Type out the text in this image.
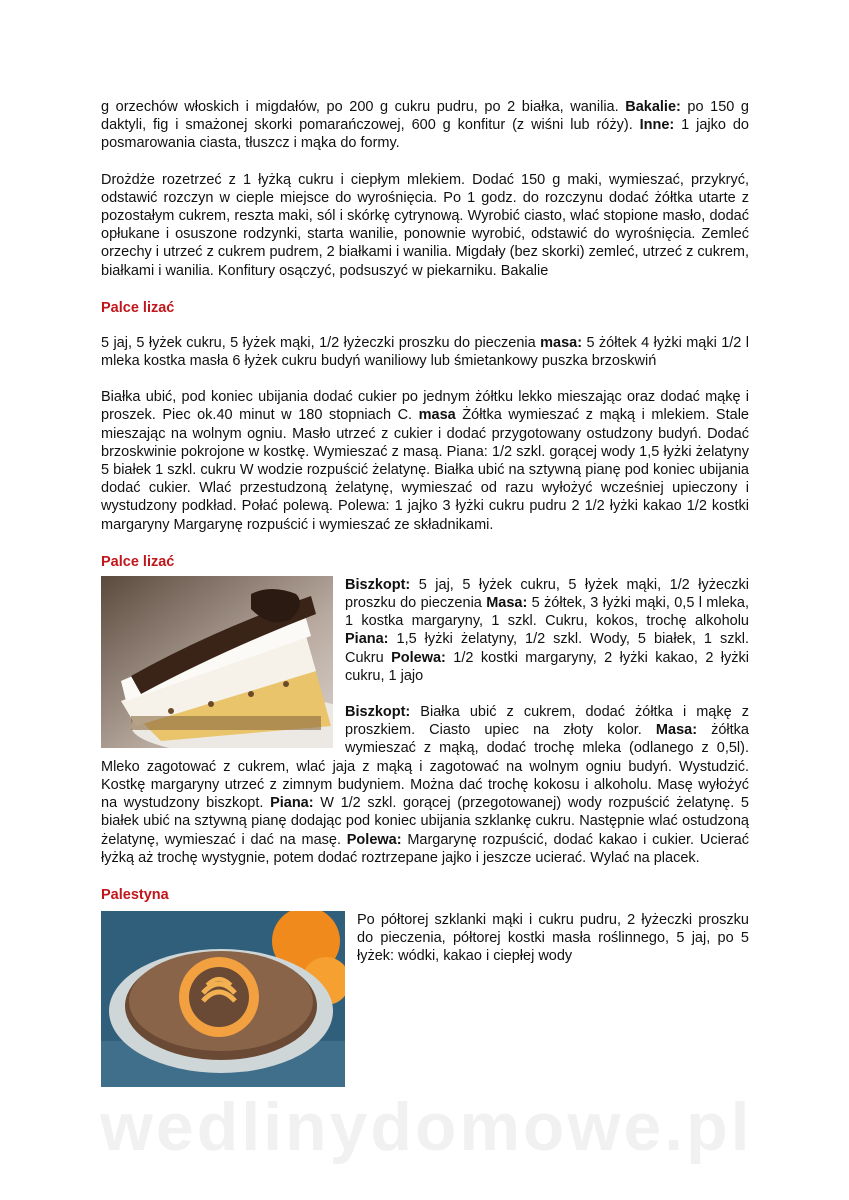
g orzechów włoskich i migdałów, po 200 g cukru pudru, po 2 białka, wanilia. Bakalie: po 150 g daktyli, fig i smażonej skorki pomarańczowej, 600 g konfitur (z wiśni lub róży). Inne: 1 jajko do posmarowania ciasta, tłuszcz i mąka do formy.

Drożdże rozetrzeć z 1 łyżką cukru i ciepłym mlekiem. Dodać 150 g maki, wymieszać, przykryć, odstawić rozczyn w cieple miejsce do wyrośnięcia. Po 1 godz. do rozczynu dodać żółtka utarte z pozostałym cukrem, reszta maki, sól i skórkę cytrynową. Wyrobić ciasto, wlać stopione masło, dodać opłukane i osuszone rodzynki, starta wanilie, ponownie wyrobić, odstawić do wyrośnięcia. Zemleć orzechy i utrzeć z cukrem pudrem, 2 białkami i wanilia. Migdały (bez skorki) zemleć, utrzeć z cukrem, białkami i wanilia. Konfitury osączyć, podsuszyć w piekarniku. Bakalie

Palce lizać

5 jaj, 5 łyżek cukru, 5 łyżek mąki, 1/2 łyżeczki proszku do pieczenia masa: 5 żółtek 4 łyżki mąki 1/2 l mleka kostka masła 6 łyżek cukru budyń waniliowy lub śmietankowy puszka brzoskwiń

Białka ubić, pod koniec ubijania dodać cukier po jednym żółtku lekko mieszając oraz dodać mąkę i proszek. Piec ok.40 minut w 180 stopniach C. masa Żółtka wymieszać z mąką i mlekiem. Stale mieszając na wolnym ogniu. Masło utrzeć z cukier i dodać przygotowany ostudzony budyń. Dodać brzoskwinie pokrojone w kostkę. Wymieszać z masą. Piana: 1/2 szkl. gorącej wody 1,5 łyżki żelatyny 5 białek 1 szkl. cukru W wodzie rozpuścić żelatynę. Białka ubić na sztywną pianę pod koniec ubijania dodać cukier. Wlać przestudzoną żelatynę, wymieszać od razu wyłożyć wcześniej upieczony i wystudzony podkład. Połać polewą. Polewa: 1 jajko 3 łyżki cukru pudru 2 1/2 łyżki kakao 1/2 kostki margaryny Margarynę rozpuścić i wymieszać ze składnikami.

Palce lizać

Biszkopt: 5 jaj, 5 łyżek cukru, 5 łyżek mąki, 1/2 łyżeczki proszku do pieczenia Masa: 5 żółtek, 3 łyżki mąki, 0,5 l mleka, 1 kostka margaryny, 1 szkl. Cukru, kokos, trochę alkoholu Piana: 1,5 łyżki żelatyny, 1/2 szkl. Wody, 5 białek, 1 szkl. Cukru Polewa: 1/2 kostki margaryny, 2 łyżki kakao, 2 łyżki cukru, 1 jajo

Biszkopt: Białka ubić z cukrem, dodać żółtka i mąkę z proszkiem. Ciasto upiec na złoty kolor. Masa: żółtka wymieszać z mąką, dodać trochę mleka (odlanego z 0,5l). Mleko zagotować z cukrem, wlać jaja z mąką i zagotować na wolnym ogniu budyń. Wystudzić. Kostkę margaryny utrzeć z zimnym budyniem. Można dać trochę kokosu i alkoholu. Masę wyłożyć na wystudzony biszkopt. Piana: W 1/2 szkl. gorącej (przegotowanej) wody rozpuścić żelatynę. 5 białek ubić na sztywną pianę dodając pod koniec ubijania szklankę cukru. Następnie wlać ostudzoną żelatynę, wymieszać i dać na masę. Polewa: Margarynę rozpuścić, dodać kakao i cukier. Ucierać łyżką aż trochę wystygnie, potem dodać roztrzepane jajko i jeszcze ucierać. Wylać na placek.

Palestyna

Po półtorej szklanki mąki i cukru pudru, 2 łyżeczki proszku do pieczenia, półtorej kostki masła roślinnego, 5 jaj, po 5 łyżek: wódki, kakao i ciepłej wody

wedlinydomowe.pl
